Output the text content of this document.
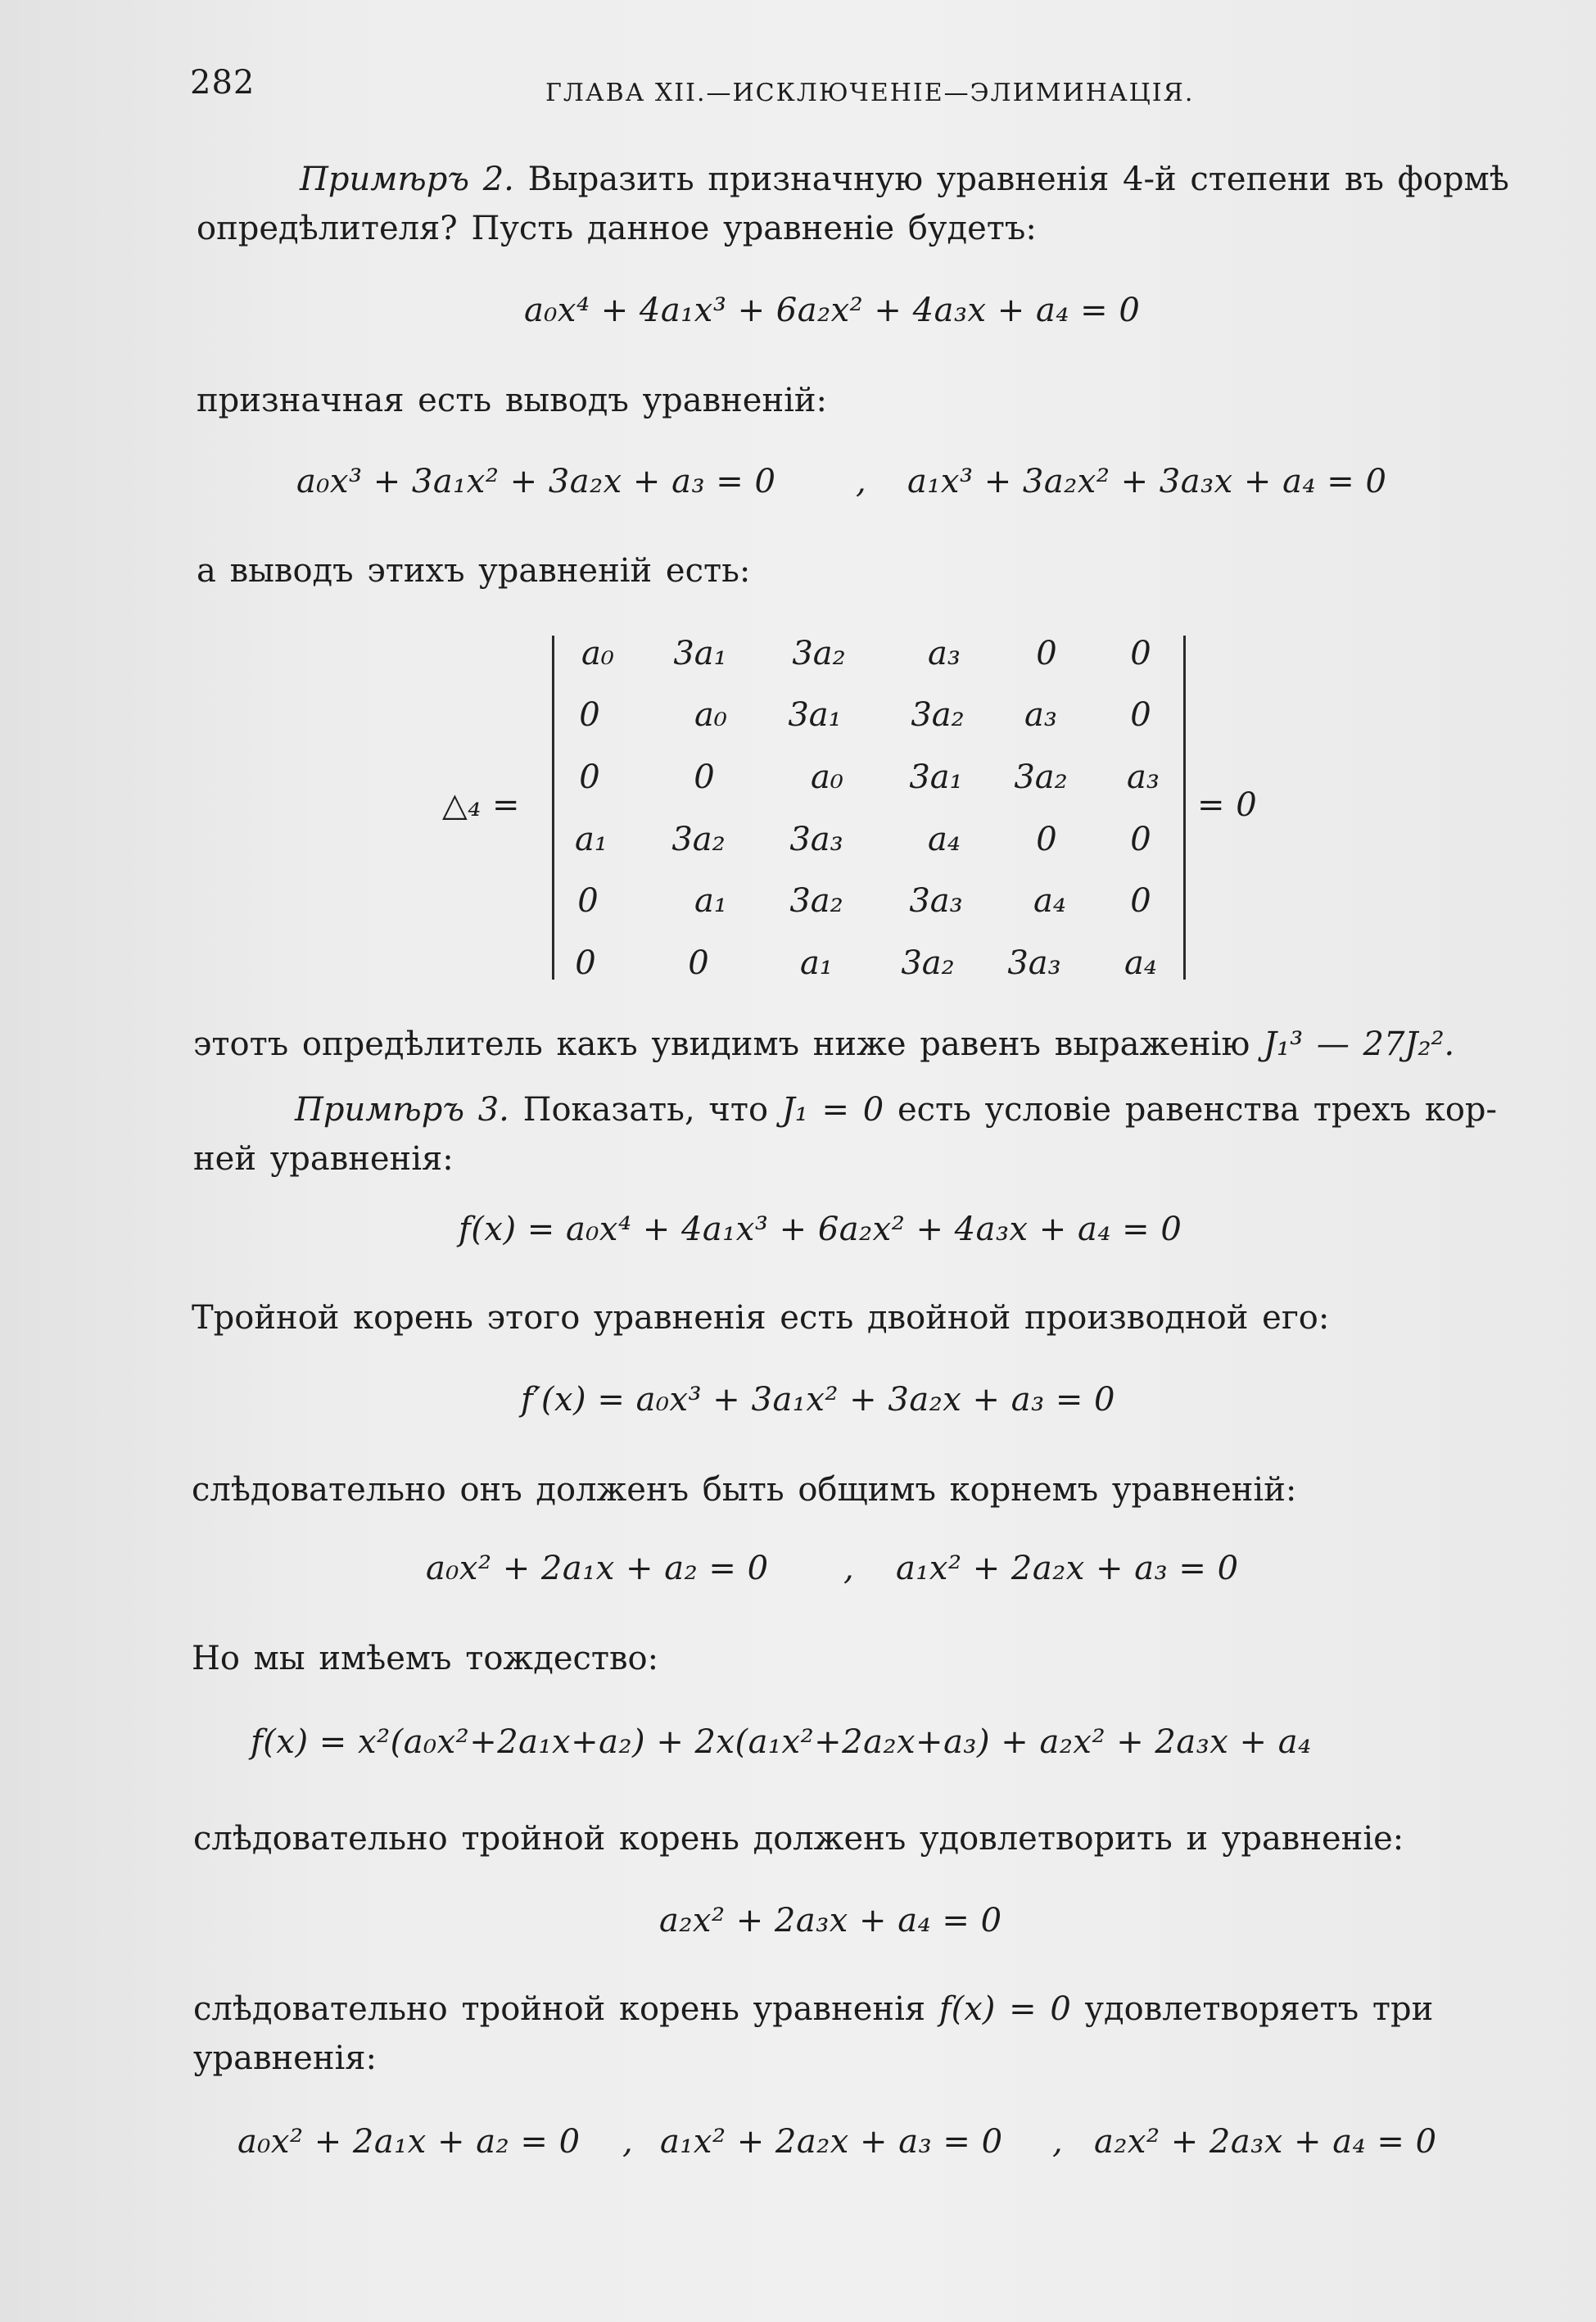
282	ГЛАВА XII.—ИСКЛЮЧЕНІЕ—ЭЛИМИНАЦІЯ.
Примѣръ 2. Выразить призначную уравненія 4-й степени въ формѣ
опредѣлителя? Пусть данное уравненіе будетъ:
a₀x⁴ + 4a₁x³ + 6a₂x² + 4a₃x + a₄ = 0
призначная есть выводъ уравненій:
a₀x³ + 3a₁x² + 3a₂x + a₃ = 0 , a₁x³ + 3a₂x² + 3a₃x + a₄ = 0
а выводъ этихъ уравненій есть:
△₄ =	= 0
a₀	3a₁	3a₂	a₃	0	0
0	a₀	3a₁	3a₂	a₃	0
0	0	a₀	3a₁	3a₂	a₃
a₁	3a₂	3a₃	a₄	0	0
0	a₁	3a₂	3a₃	a₄	0
0	0	a₁	3a₂	3a₃	a₄
этотъ опредѣлитель какъ увидимъ ниже равенъ выраженію J₁³ — 27J₂².
Примѣръ 3. Показать, что J₁ = 0 есть условіе равенства трехъ кор-
ней уравненія:
f(x) = a₀x⁴ + 4a₁x³ + 6a₂x² + 4a₃x + a₄ = 0
Тройной корень этого уравненія есть двойной производной его:
f′(x) = a₀x³ + 3a₁x² + 3a₂x + a₃ = 0
слѣдовательно онъ долженъ быть общимъ корнемъ уравненій:
a₀x² + 2a₁x + a₂ = 0 , a₁x² + 2a₂x + a₃ = 0
Но мы имѣемъ тождество:
f(x) = x²(a₀x²+2a₁x+a₂) + 2x(a₁x²+2a₂x+a₃) + a₂x² + 2a₃x + a₄
слѣдовательно тройной корень долженъ удовлетворить и уравненіе:
a₂x² + 2a₃x + a₄ = 0
слѣдовательно тройной корень уравненія f(x) = 0 удовлетворяетъ три
уравненія:
a₀x² + 2a₁x + a₂ = 0 , a₁x² + 2a₂x + a₃ = 0 , a₂x² + 2a₃x + a₄ = 0
